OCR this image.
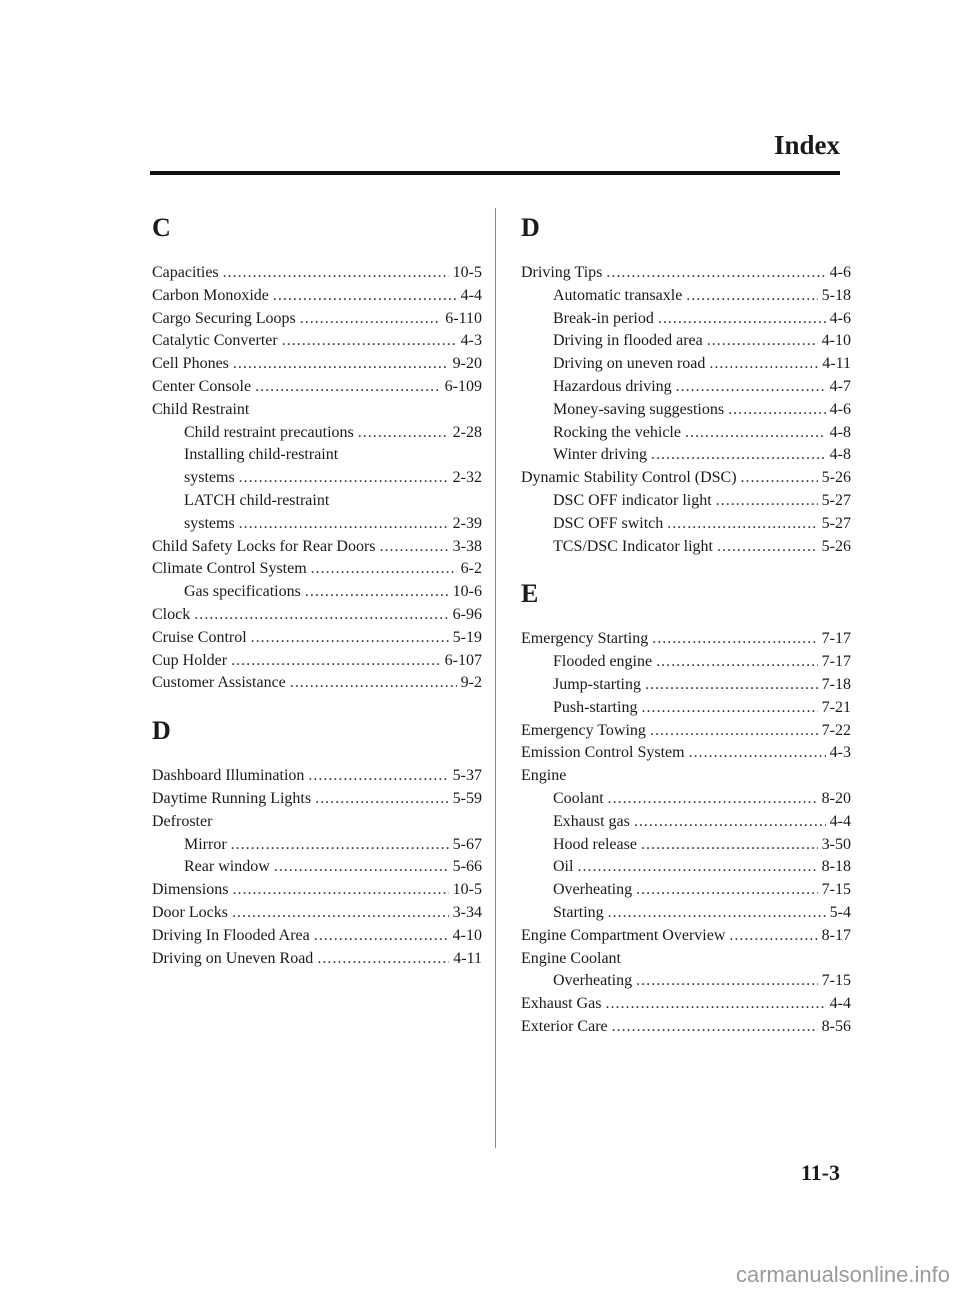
Index
C
Capacities .....	10-5
Carbon Monoxide .....	4-4
Cargo Securing Loops .....	6-110
Catalytic Converter .....	4-3
Cell Phones .....	9-20
Center Console .....	6-109
Child Restraint
Child restraint precautions .....	2-28
Installing child-restraint
systems .....	2-32
LATCH child-restraint
systems .....	2-39
Child Safety Locks for Rear Doors .....	3-38
Climate Control System .....	6-2
Gas specifications .....	10-6
Clock .....	6-96
Cruise Control .....	5-19
Cup Holder .....	6-107
Customer Assistance .....	9-2
D
Dashboard Illumination .....	5-37
Daytime Running Lights .....	5-59
Defroster
Mirror .....	5-67
Rear window .....	5-66
Dimensions .....	10-5
Door Locks .....	3-34
Driving In Flooded Area .....	4-10
Driving on Uneven Road .....	4-11
D
Driving Tips .....	4-6
Automatic transaxle .....	5-18
Break-in period .....	4-6
Driving in flooded area .....	4-10
Driving on uneven road .....	4-11
Hazardous driving .....	4-7
Money-saving suggestions .....	4-6
Rocking the vehicle .....	4-8
Winter driving .....	4-8
Dynamic Stability Control (DSC) .....	5-26
DSC OFF indicator light .....	5-27
DSC OFF switch .....	5-27
TCS/DSC Indicator light .....	5-26
E
Emergency Starting .....	7-17
Flooded engine .....	7-17
Jump-starting .....	7-18
Push-starting .....	7-21
Emergency Towing .....	7-22
Emission Control System .....	4-3
Engine
Coolant .....	8-20
Exhaust gas .....	4-4
Hood release .....	3-50
Oil .....	8-18
Overheating .....	7-15
Starting .....	5-4
Engine Compartment Overview .....	8-17
Engine Coolant
Overheating .....	7-15
Exhaust Gas .....	4-4
Exterior Care .....	8-56
11-3
carmanualsonline.info
